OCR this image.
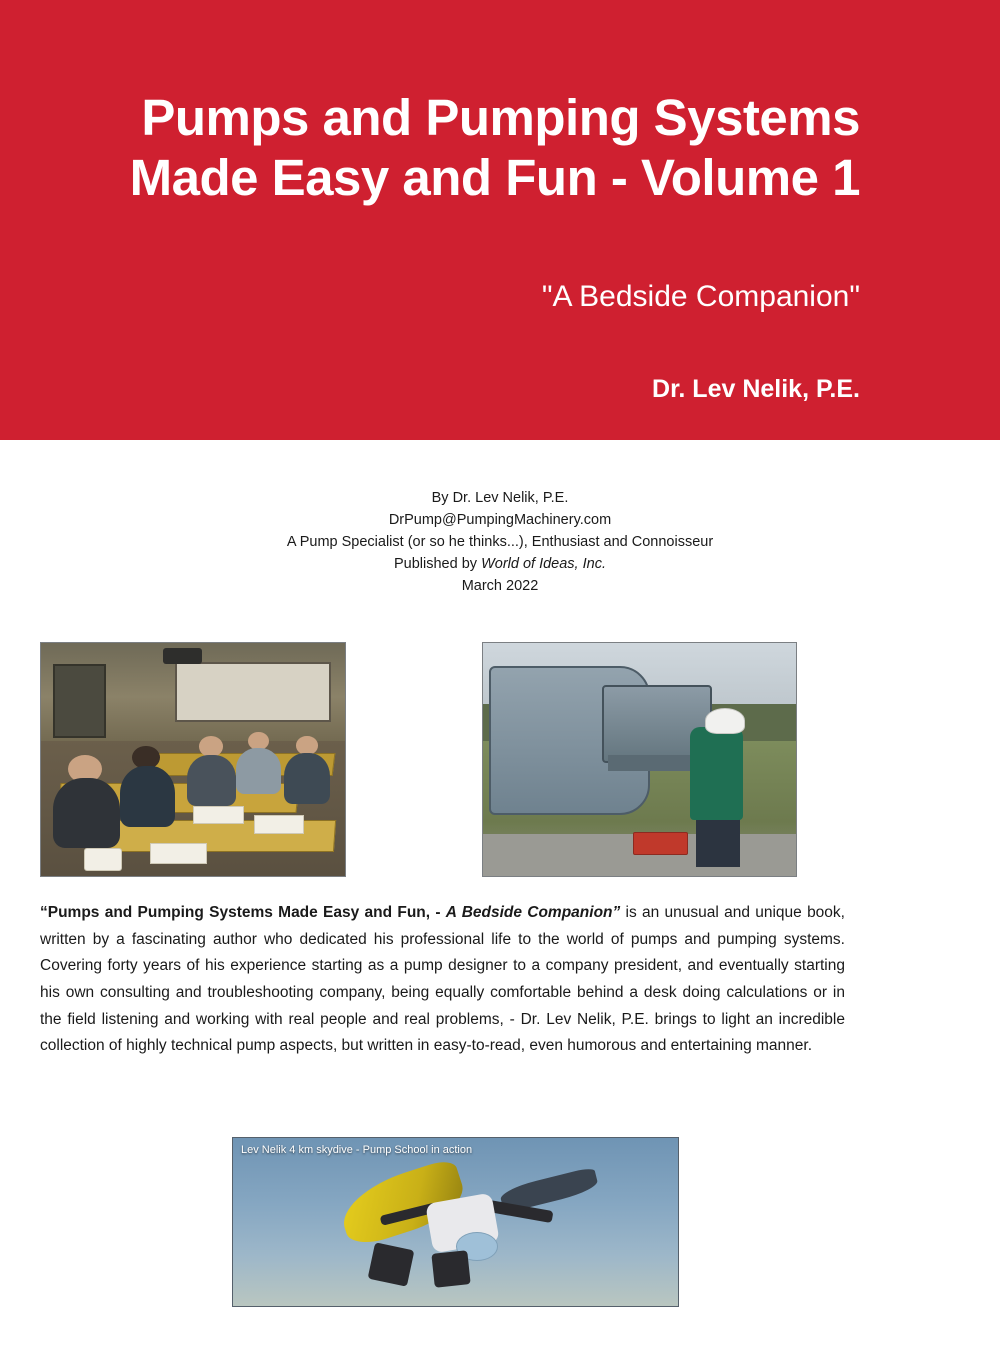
Pumps and Pumping Systems Made Easy and Fun - Volume 1
"A Bedside Companion"
Dr. Lev Nelik, P.E.
By Dr. Lev Nelik, P.E.
DrPump@PumpingMachinery.com
A Pump Specialist (or so he thinks...), Enthusiast and Connoisseur
Published by World of Ideas, Inc.
March 2022
“Pumps and Pumping Systems Made Easy and Fun, - A Bedside Companion” is an unusual and unique book, written by a fascinating author who dedicated his professional life to the world of pumps and pumping systems. Covering forty years of his experience starting as a pump designer to a company president, and eventually starting his own consulting and troubleshooting company, being equally comfortable behind a desk doing calculations or in the field listening and working with real people and real problems, - Dr. Lev Nelik, P.E. brings to light an incredible collection of highly technical pump aspects, but written in easy-to-read, even humorous and entertaining manner.
Lev Nelik 4 km skydive - Pump School in action
